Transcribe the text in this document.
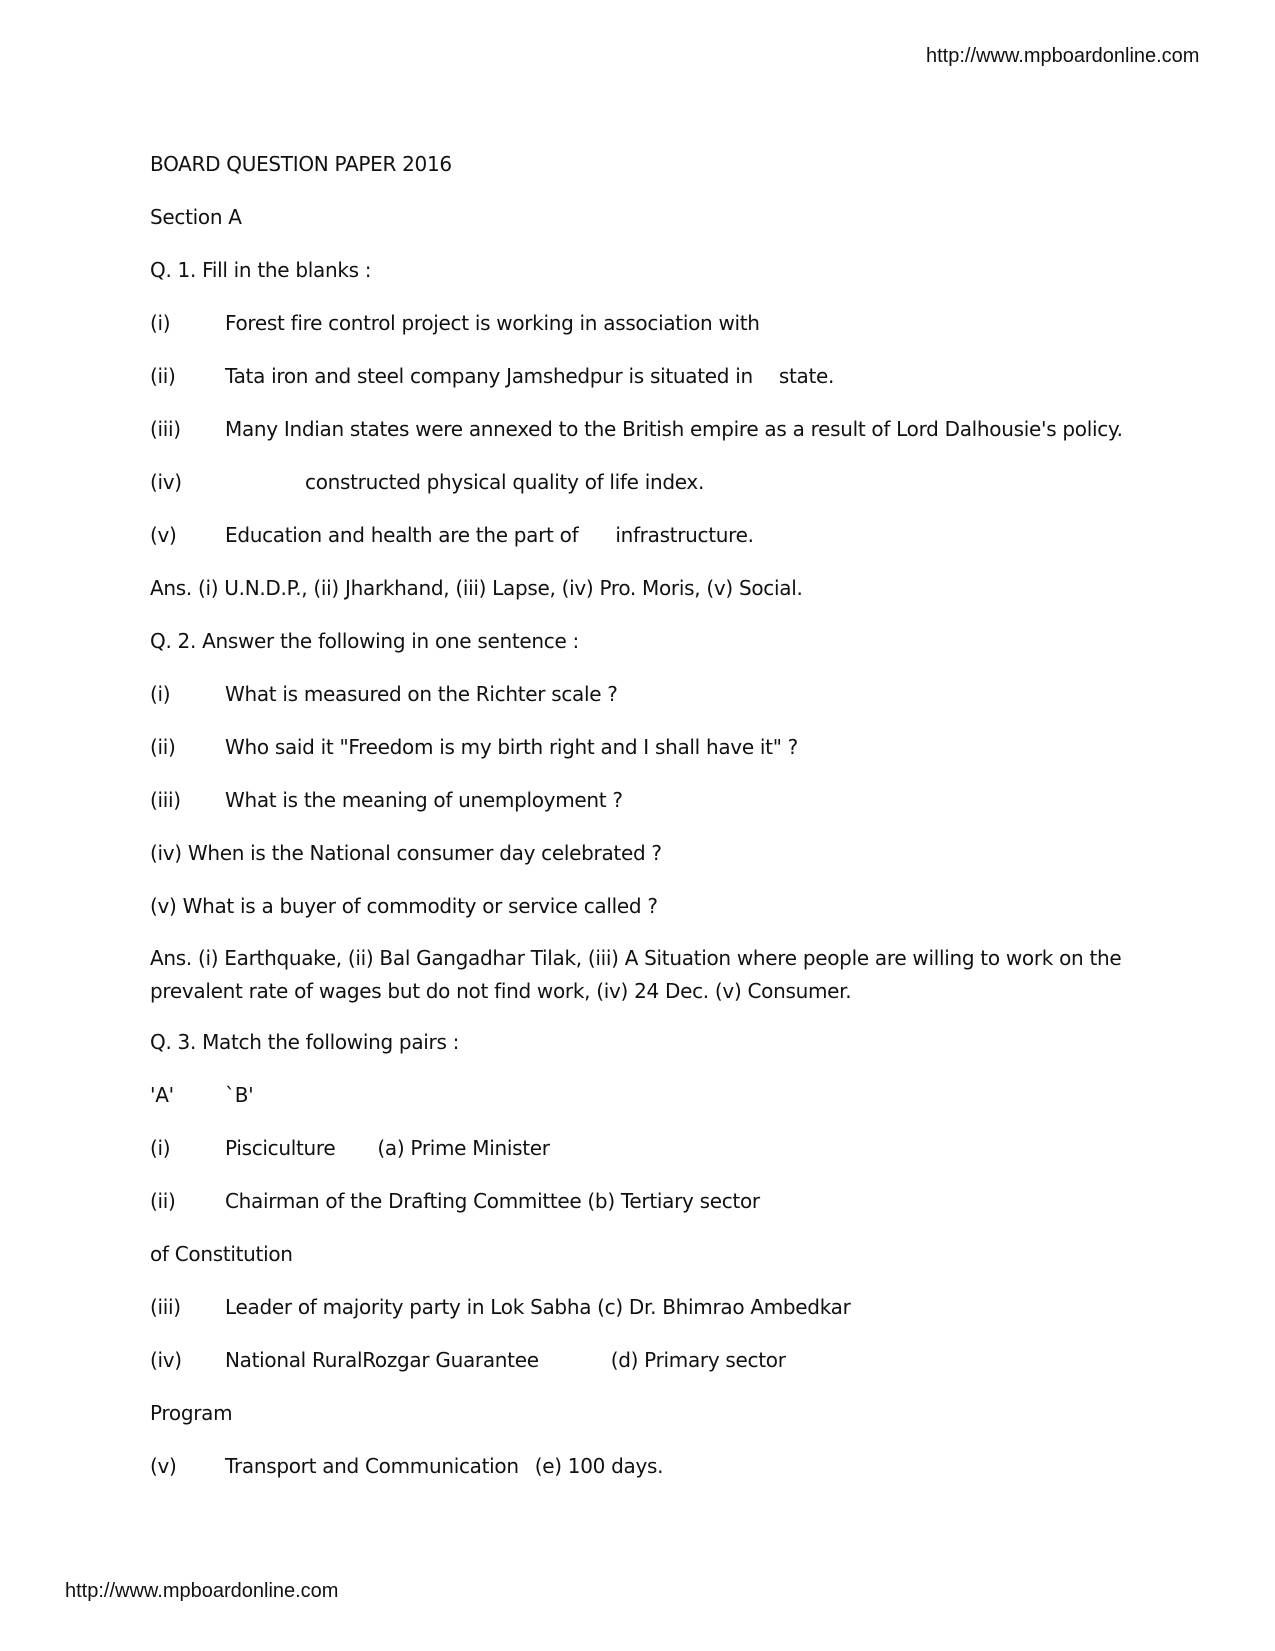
http://www.mpboardonline.com
BOARD QUESTION PAPER 2016
Section A
Q. 1. Fill in the blanks :
(i)	Forest fire control project is working in association with
(ii) Tata iron and steel company Jamshedpur is situated in state.
(iii) Many Indian states were annexed to the British empire as a result of Lord Dalhousie's policy.
(iv)	constructed physical quality of life index.
(v) Education and health are the part of infrastructure.
Ans. (i) U.N.D.P., (ii) Jharkhand, (iii) Lapse, (iv) Pro. Moris, (v) Social.
Q. 2. Answer the following in one sentence :
(i)	What is measured on the Richter scale ?
(ii) Who said it "Freedom is my birth right and I shall have it" ?
(iii) What is the meaning of unemployment ?
(iv) When is the National consumer day celebrated ?
(v) What is a buyer of commodity or service called ?
Ans. (i) Earthquake, (ii) Bal Gangadhar Tilak, (iii) A Situation where people are willing to work on the prevalent rate of wages but do not find work, (iv) 24 Dec. (v) Consumer.
Q. 3. Match the following pairs :
'A'	`B'
(i)	Pisciculture (a) Prime Minister
(ii) Chairman of the Drafting Committee (b) Tertiary sector
of Constitution
(iii) Leader of majority party in Lok Sabha (c) Dr. Bhimrao Ambedkar
(iv) National RuralRozgar Guarantee	(d) Primary sector
Program
(v) Transport and Communication (e) 100 days.
http://www.mpboardonline.com
